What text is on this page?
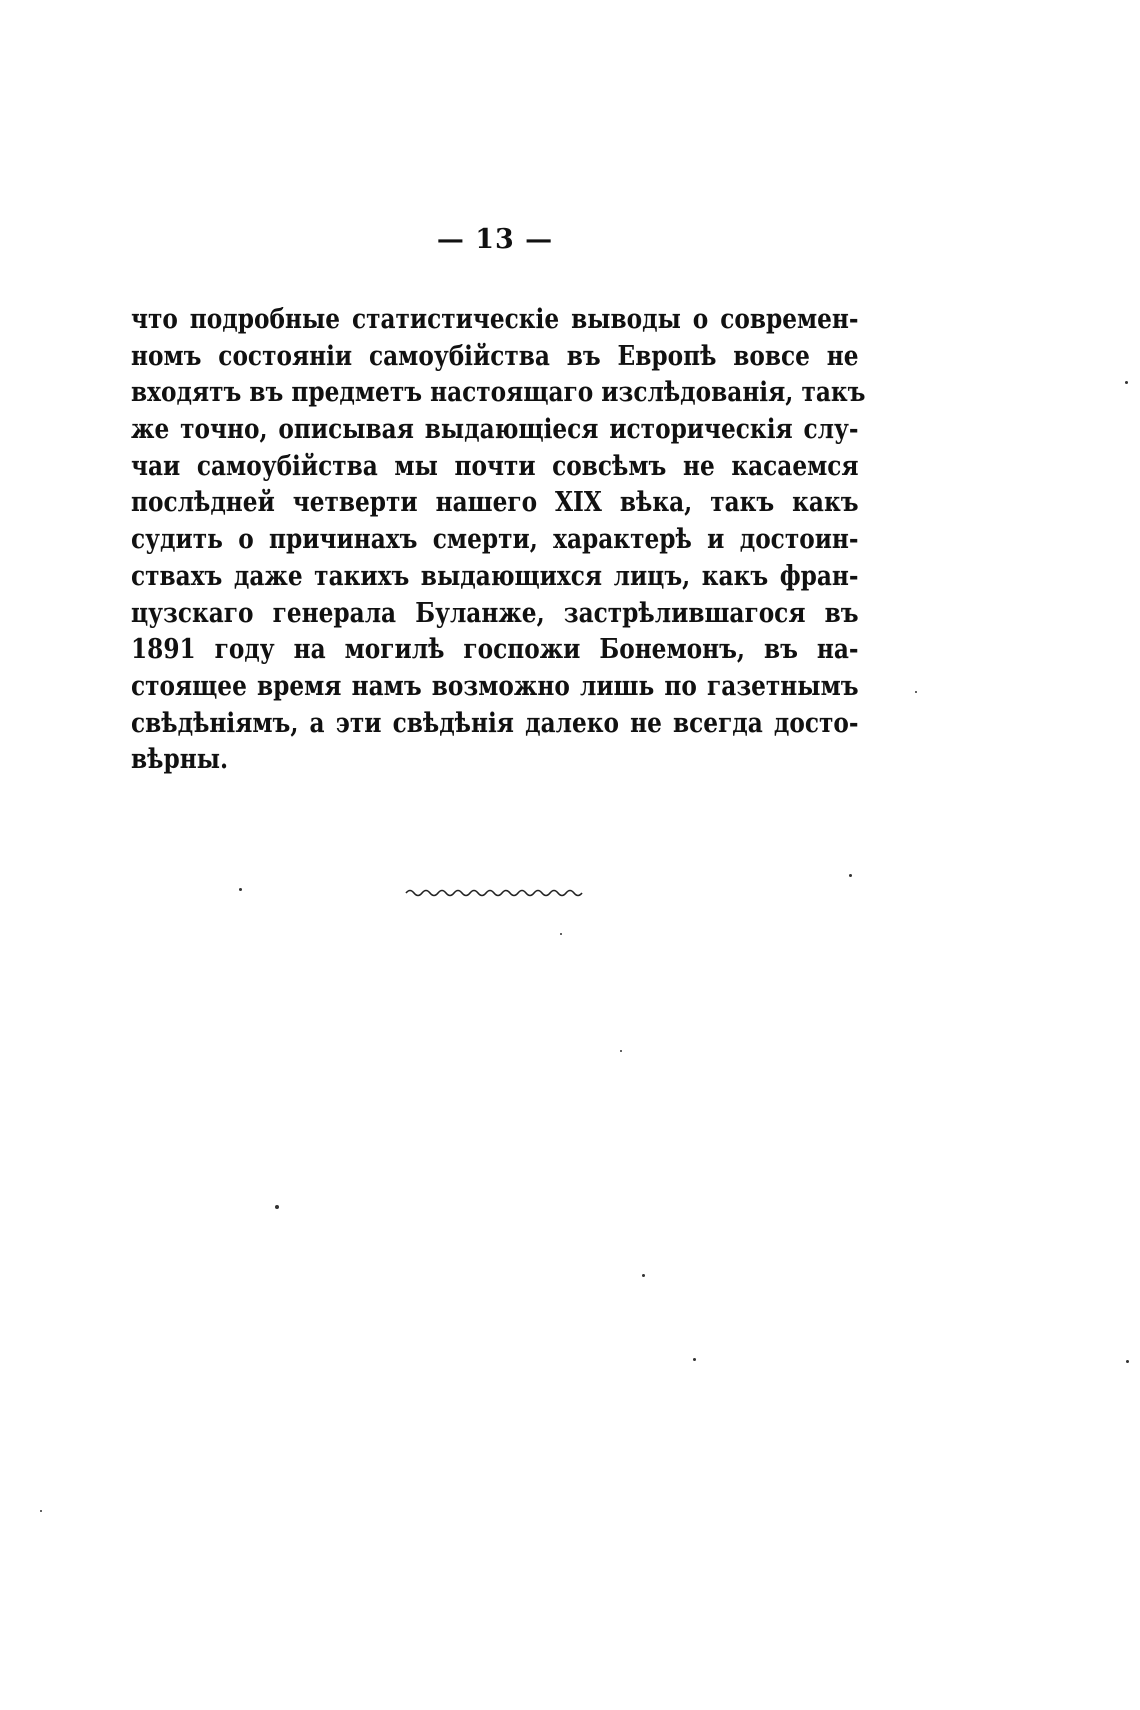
— 13 —
что подробные статистическiе выводы о современ-
номъ состоянiи самоубiйства въ Европѣ вовсе не
входятъ въ предметъ настоящаго изслѣдованiя, такъ
же точно, описывая выдающiеся историческiя слу-
чаи самоубiйства мы почти совсѣмъ не касаемся
послѣдней четверти нашего XIX вѣка, такъ какъ
судить о причинахъ смерти, характерѣ и достоин-
ствахъ даже такихъ выдающихся лицъ, какъ фран-
цузскаго генерала Буланже, застрѣлившагося въ
1891 году на могилѣ госпожи Бонемонъ, въ на-
стоящее время намъ возможно лишь по газетнымъ
свѣдѣнiямъ, а эти свѣдѣнiя далеко не всегда досто-
вѣрны.
